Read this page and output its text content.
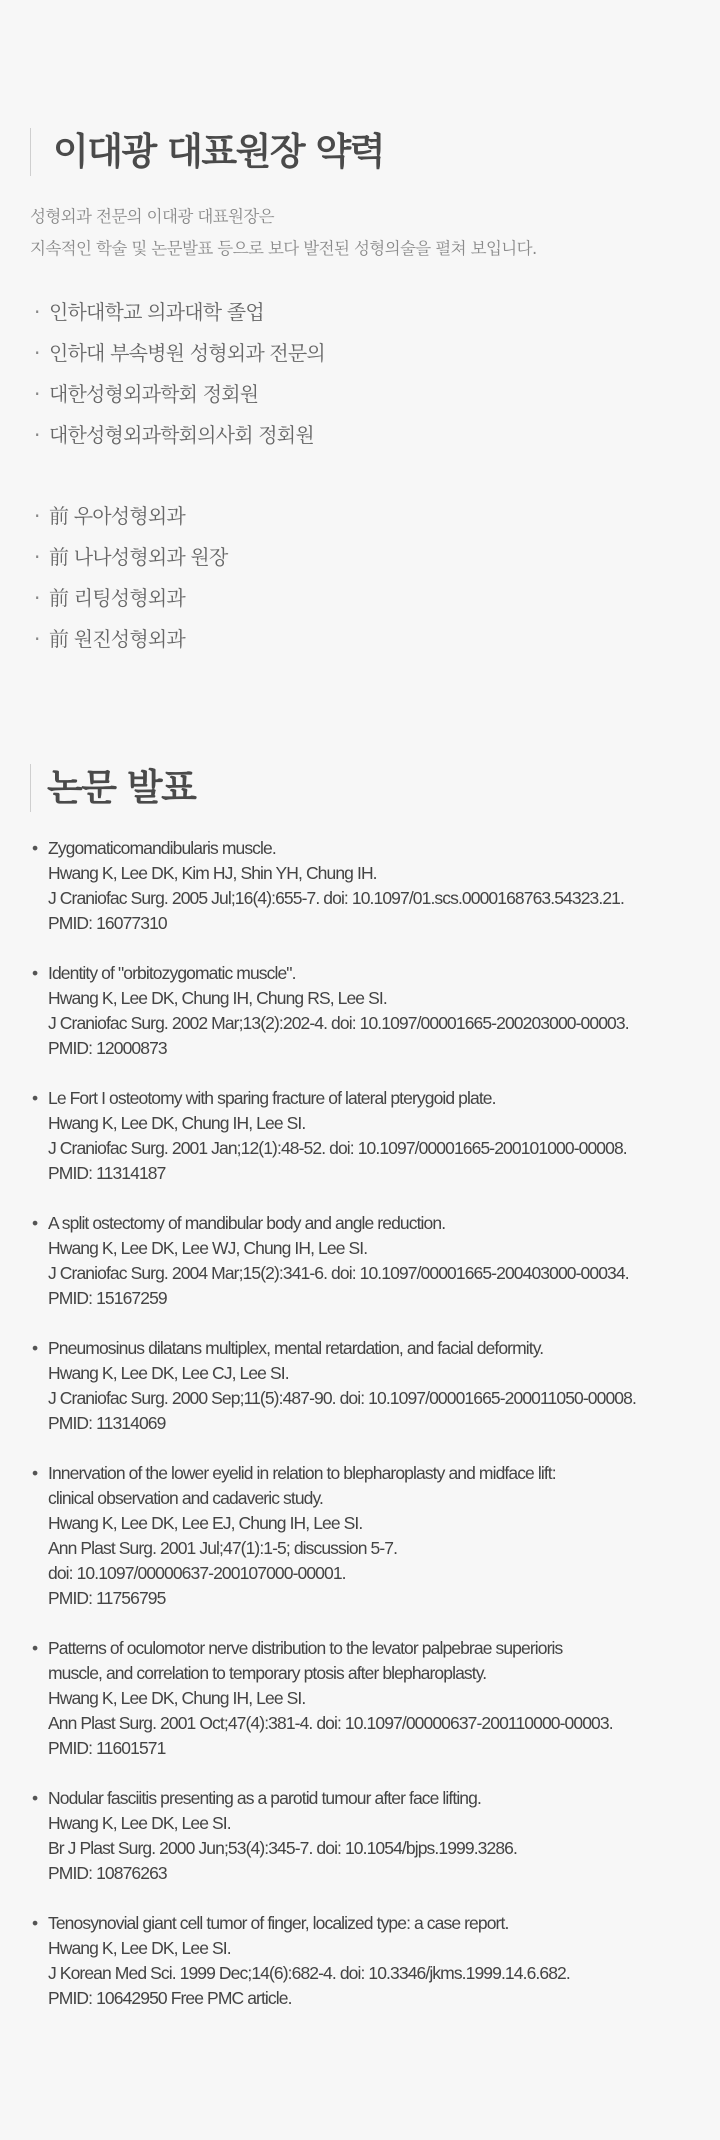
이대광 대표원장 약력
성형외과 전문의 이대광 대표원장은
지속적인 학술 및 논문발표 등으로 보다 발전된 성형의술을 펼쳐 보입니다.
· 인하대학교 의과대학 졸업
· 인하대 부속병원 성형외과 전문의
· 대한성형외과학회 정회원
· 대한성형외과학회의사회 정회원
· 前 우아성형외과
· 前 나나성형외과 원장
· 前 리팅성형외과
· 前 원진성형외과
논문 발표
• Zygomaticomandibularis muscle.
Hwang K, Lee DK, Kim HJ, Shin YH, Chung IH.
J Craniofac Surg. 2005 Jul;16(4):655-7. doi: 10.1097/01.scs.0000168763.54323.21.
PMID: 16077310
• Identity of "orbitozygomatic muscle".
Hwang K, Lee DK, Chung IH, Chung RS, Lee SI.
J Craniofac Surg. 2002 Mar;13(2):202-4. doi: 10.1097/00001665-200203000-00003.
PMID: 12000873
• Le Fort I osteotomy with sparing fracture of lateral pterygoid plate.
Hwang K, Lee DK, Chung IH, Lee SI.
J Craniofac Surg. 2001 Jan;12(1):48-52. doi: 10.1097/00001665-200101000-00008.
PMID: 11314187
• A split ostectomy of mandibular body and angle reduction.
Hwang K, Lee DK, Lee WJ, Chung IH, Lee SI.
J Craniofac Surg. 2004 Mar;15(2):341-6. doi: 10.1097/00001665-200403000-00034.
PMID: 15167259
• Pneumosinus dilatans multiplex, mental retardation, and facial deformity.
Hwang K, Lee DK, Lee CJ, Lee SI.
J Craniofac Surg. 2000 Sep;11(5):487-90. doi: 10.1097/00001665-200011050-00008.
PMID: 11314069
• Innervation of the lower eyelid in relation to blepharoplasty and midface lift:
clinical observation and cadaveric study.
Hwang K, Lee DK, Lee EJ, Chung IH, Lee SI.
Ann Plast Surg. 2001 Jul;47(1):1-5; discussion 5-7.
doi: 10.1097/00000637-200107000-00001.
PMID: 11756795
• Patterns of oculomotor nerve distribution to the levator palpebrae superioris
muscle, and correlation to temporary ptosis after blepharoplasty.
Hwang K, Lee DK, Chung IH, Lee SI.
Ann Plast Surg. 2001 Oct;47(4):381-4. doi: 10.1097/00000637-200110000-00003.
PMID: 11601571
• Nodular fasciitis presenting as a parotid tumour after face lifting.
Hwang K, Lee DK, Lee SI.
Br J Plast Surg. 2000 Jun;53(4):345-7. doi: 10.1054/bjps.1999.3286.
PMID: 10876263
• Tenosynovial giant cell tumor of finger, localized type: a case report.
Hwang K, Lee DK, Lee SI.
J Korean Med Sci. 1999 Dec;14(6):682-4. doi: 10.3346/jkms.1999.14.6.682.
PMID: 10642950 Free PMC article.
